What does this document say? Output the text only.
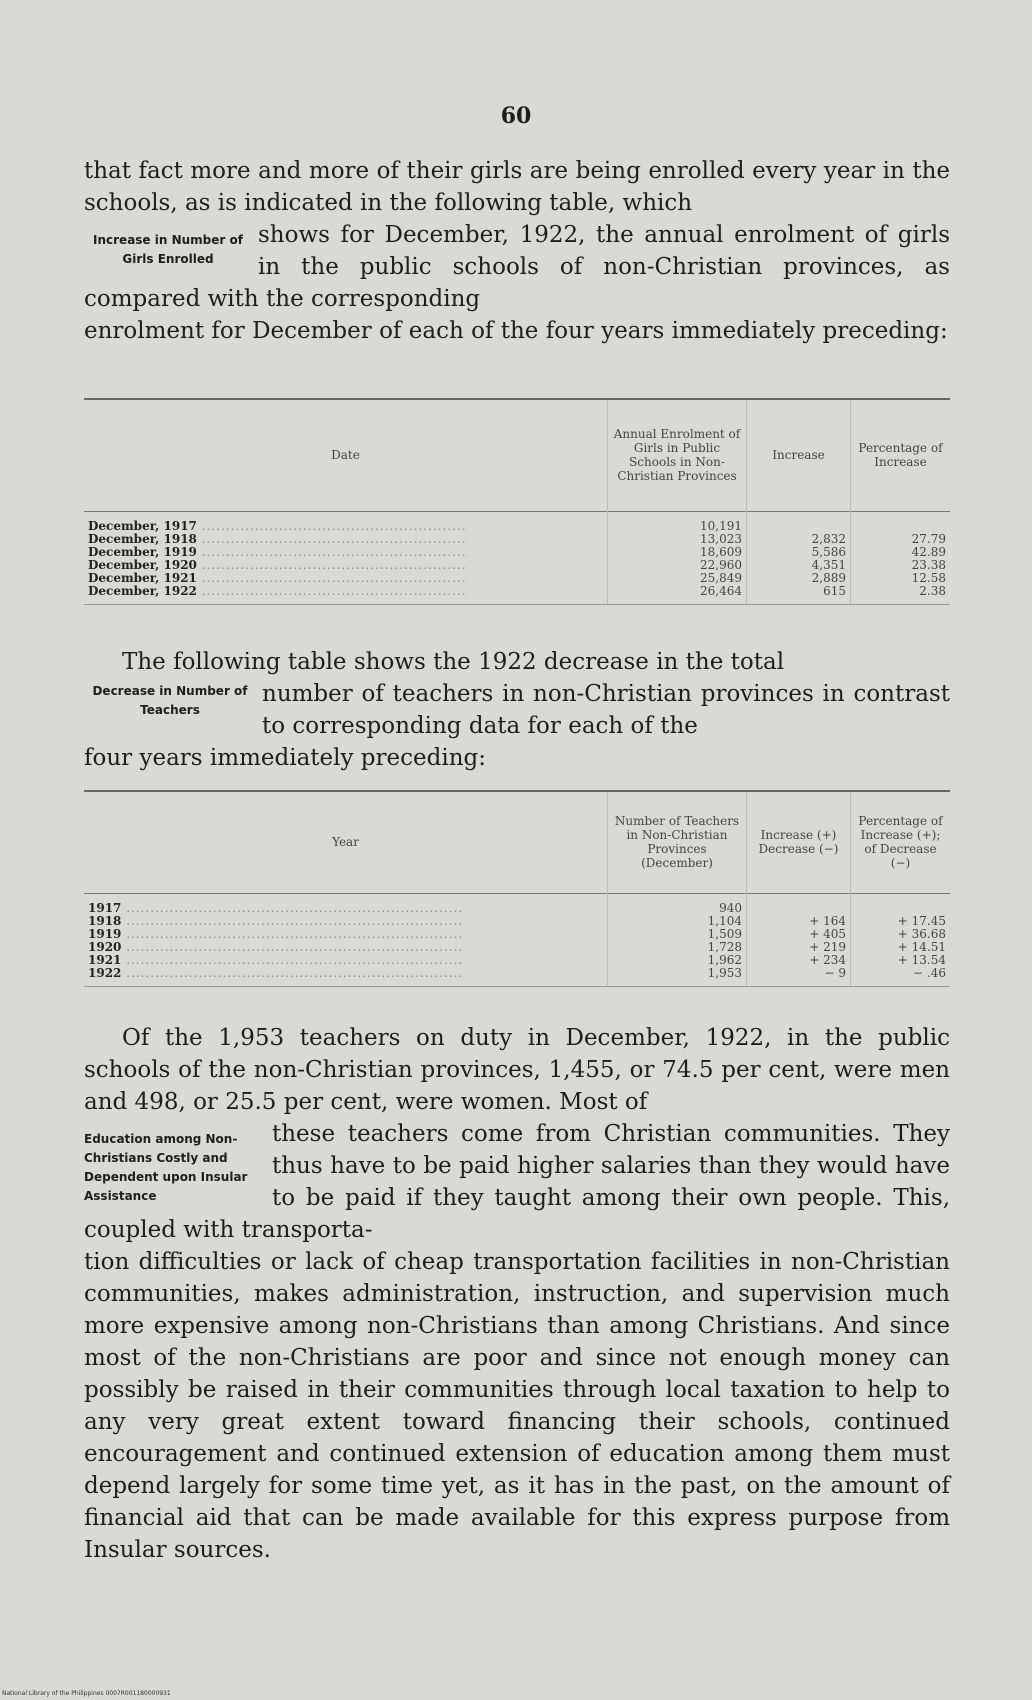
60

that fact more and more of their girls are being enrolled every year in the schools, as is indicated in the following table, which

Increase in Number of Girls Enrolled

shows for December, 1922, the annual enrolment of girls in the public schools of non-Christian provinces, as compared with the corresponding

enrolment for December of each of the four years immediately preceding:

Date	Annual Enrolment of Girls in Public Schools in Non-Christian Provinces	Increase	Percentage of Increase
December, 1917 .......................................................	10,191		
December, 1918 .......................................................	13,023	2,832	27.79
December, 1919 .......................................................	18,609	5,586	42.89
December, 1920 .......................................................	22,960	4,351	23.38
December, 1921 .......................................................	25,849	2,889	12.58
December, 1922 .......................................................	26,464	615	2.38

The following table shows the 1922 decrease in the total

Decrease in Number of Teachers

number of teachers in non-Christian provinces in contrast to corresponding data for each of the

four years immediately preceding:

Year	Number of Teachers in Non-Christian Provinces (December)	Increase (+) Decrease (−)	Percentage of Increase (+); of Decrease (−)
1917 ......................................................................	940		
1918 ......................................................................	1,104	+ 164	+ 17.45
1919 ......................................................................	1,509	+ 405	+ 36.68
1920 ......................................................................	1,728	+ 219	+ 14.51
1921 ......................................................................	1,962	+ 234	+ 13.54
1922 ......................................................................	1,953	− 9	− .46

Of the 1,953 teachers on duty in December, 1922, in the public schools of the non-Christian provinces, 1,455, or 74.5 per cent, were men and 498, or 25.5 per cent, were women. Most of

Education among Non-Christians Costly and Dependent upon Insular Assistance

these teachers come from Christian communities. They thus have to be paid higher salaries than they would have to be paid if they taught among their own people. This, coupled with transporta-

tion difficulties or lack of cheap transportation facilities in non-Christian communities, makes administration, instruction, and supervision much more expensive among non-Christians than among Christians. And since most of the non-Christians are poor and since not enough money can possibly be raised in their communities through local taxation to help to any very great extent toward financing their schools, continued encouragement and continued extension of education among them must depend largely for some time yet, as it has in the past, on the amount of financial aid that can be made available for this express purpose from Insular sources.

National Library of the Philippines 0007R001180000931
